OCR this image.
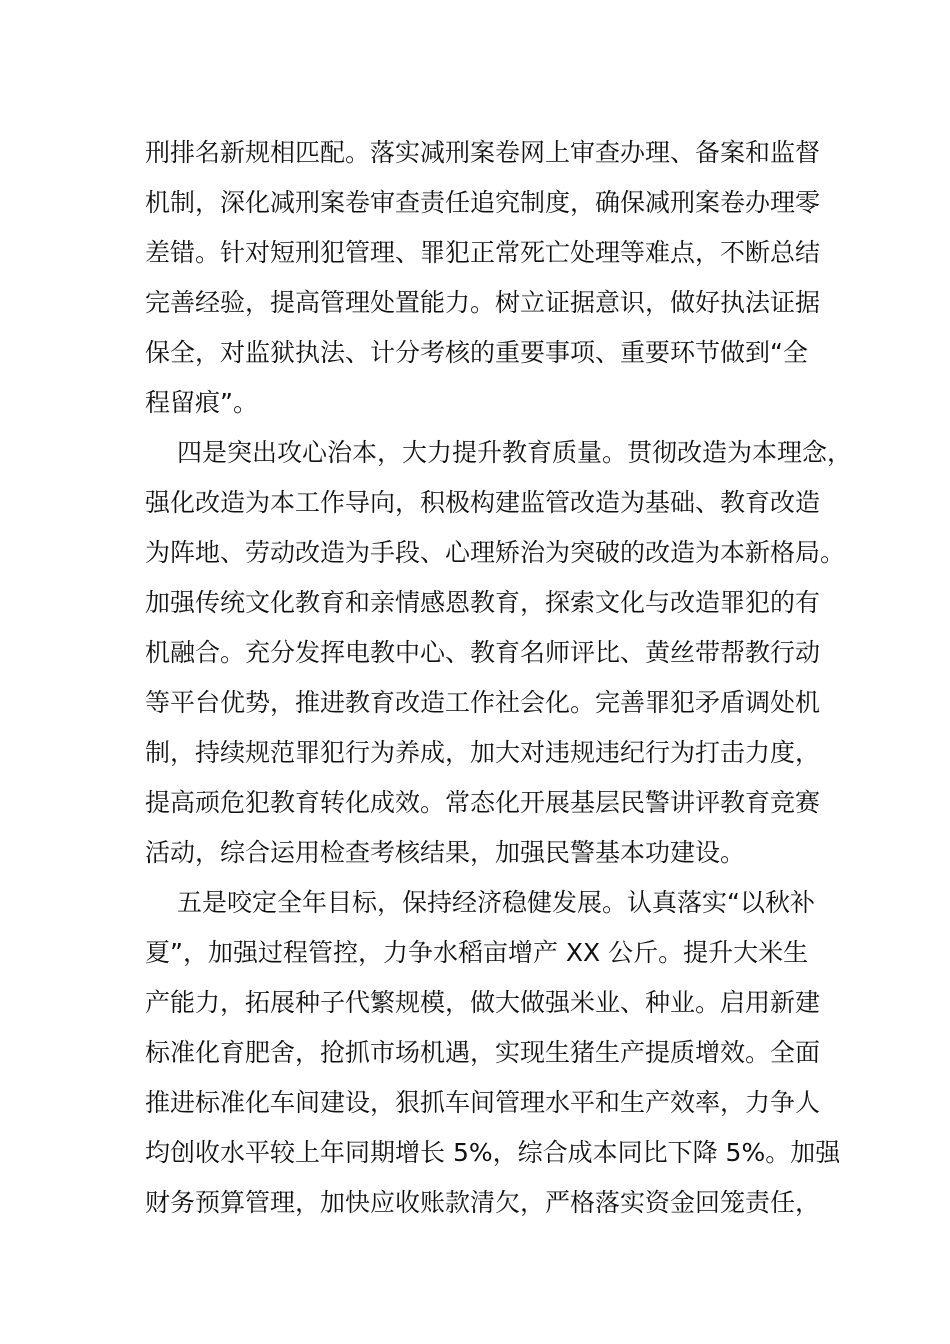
刑排名新规相匹配。落实减刑案卷网上审查办理、备案和监督
机制，深化减刑案卷审查责任追究制度，确保减刑案卷办理零
差错。针对短刑犯管理、罪犯正常死亡处理等难点，不断总结
完善经验，提高管理处置能力。树立证据意识，做好执法证据
保全，对监狱执法、计分考核的重要事项、重要环节做到“全
程留痕”。
四是突出攻心治本，大力提升教育质量。贯彻改造为本理念，
强化改造为本工作导向，积极构建监管改造为基础、教育改造
为阵地、劳动改造为手段、心理矫治为突破的改造为本新格局。
加强传统文化教育和亲情感恩教育，探索文化与改造罪犯的有
机融合。充分发挥电教中心、教育名师评比、黄丝带帮教行动
等平台优势，推进教育改造工作社会化。完善罪犯矛盾调处机
制，持续规范罪犯行为养成，加大对违规违纪行为打击力度，
提高顽危犯教育转化成效。常态化开展基层民警讲评教育竞赛
活动，综合运用检查考核结果，加强民警基本功建设。
五是咬定全年目标，保持经济稳健发展。认真落实“以秋补
夏”，加强过程管控，力争水稻亩增产 XX 公斤。提升大米生
产能力，拓展种子代繁规模，做大做强米业、种业。启用新建
标准化育肥舍，抢抓市场机遇，实现生猪生产提质增效。全面
推进标准化车间建设，狠抓车间管理水平和生产效率，力争人
均创收水平较上年同期增长 5%，综合成本同比下降 5%。加强
财务预算管理，加快应收账款清欠，严格落实资金回笼责任，
